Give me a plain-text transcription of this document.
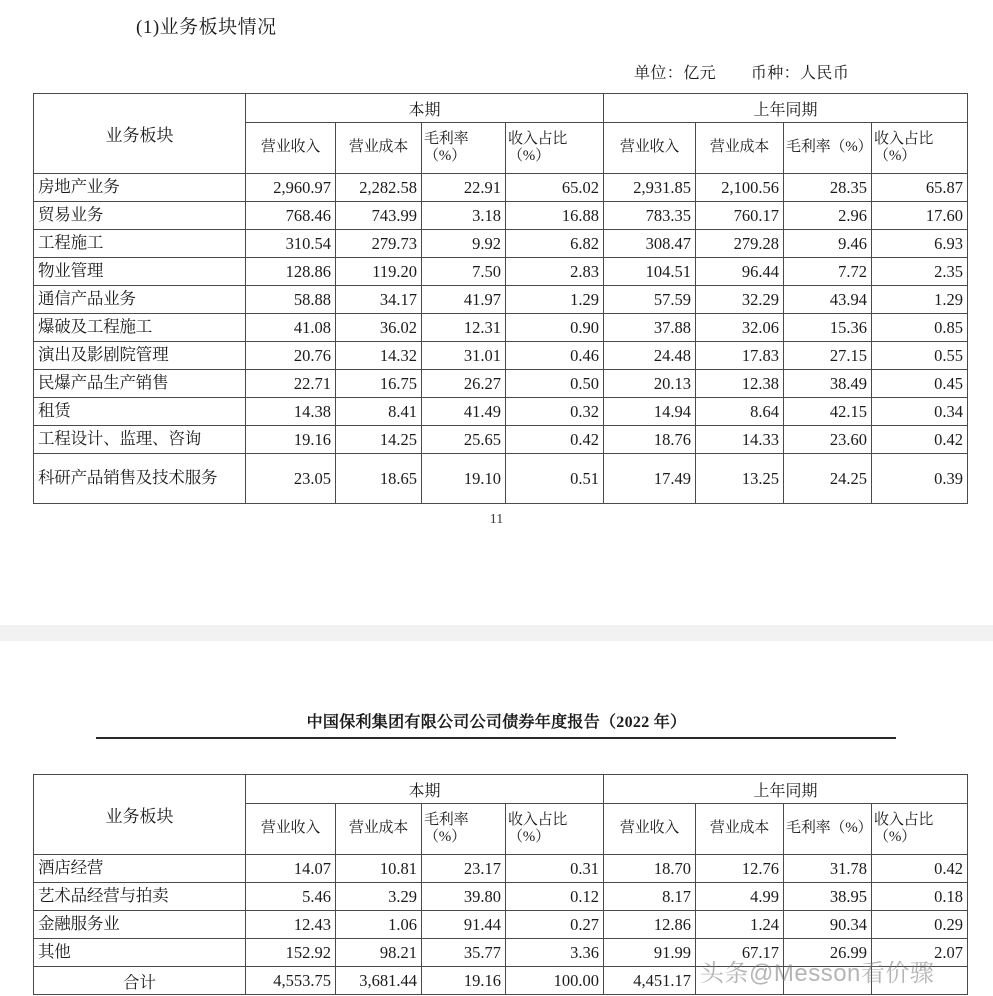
(1)业务板块情况
单位：亿元 币种：人民币
业务板块	本期				上年同期			
	营业收入	营业成本	毛利率（%）	收入占比（%）	营业收入	营业成本	毛利率（%）	收入占比（%）
房地产业务	2,960.97	2,282.58	22.91	65.02	2,931.85	2,100.56	28.35	65.87
贸易业务	768.46	743.99	3.18	16.88	783.35	760.17	2.96	17.60
工程施工	310.54	279.73	9.92	6.82	308.47	279.28	9.46	6.93
物业管理	128.86	119.20	7.50	2.83	104.51	96.44	7.72	2.35
通信产品业务	58.88	34.17	41.97	1.29	57.59	32.29	43.94	1.29
爆破及工程施工	41.08	36.02	12.31	0.90	37.88	32.06	15.36	0.85
演出及影剧院管理	20.76	14.32	31.01	0.46	24.48	17.83	27.15	0.55
民爆产品生产销售	22.71	16.75	26.27	0.50	20.13	12.38	38.49	0.45
租赁	14.38	8.41	41.49	0.32	14.94	8.64	42.15	0.34
工程设计、监理、咨询	19.16	14.25	25.65	0.42	18.76	14.33	23.60	0.42
科研产品销售及技术服务	23.05	18.65	19.10	0.51	17.49	13.25	24.25	0.39
11
中国保利集团有限公司公司债券年度报告（2022 年）
业务板块	本期				上年同期			
	营业收入	营业成本	毛利率（%）	收入占比（%）	营业收入	营业成本	毛利率（%）	收入占比（%）
酒店经营	14.07	10.81	23.17	0.31	18.70	12.76	31.78	0.42
艺术品经营与拍卖	5.46	3.29	39.80	0.12	8.17	4.99	38.95	0.18
金融服务业	12.43	1.06	91.44	0.27	12.86	1.24	90.34	0.29
其他	152.92	98.21	35.77	3.36	91.99	67.17	26.99	2.07
合计	4,553.75	3,681.44	19.16	100.00	4,451.17			头条@Messon看价骤
